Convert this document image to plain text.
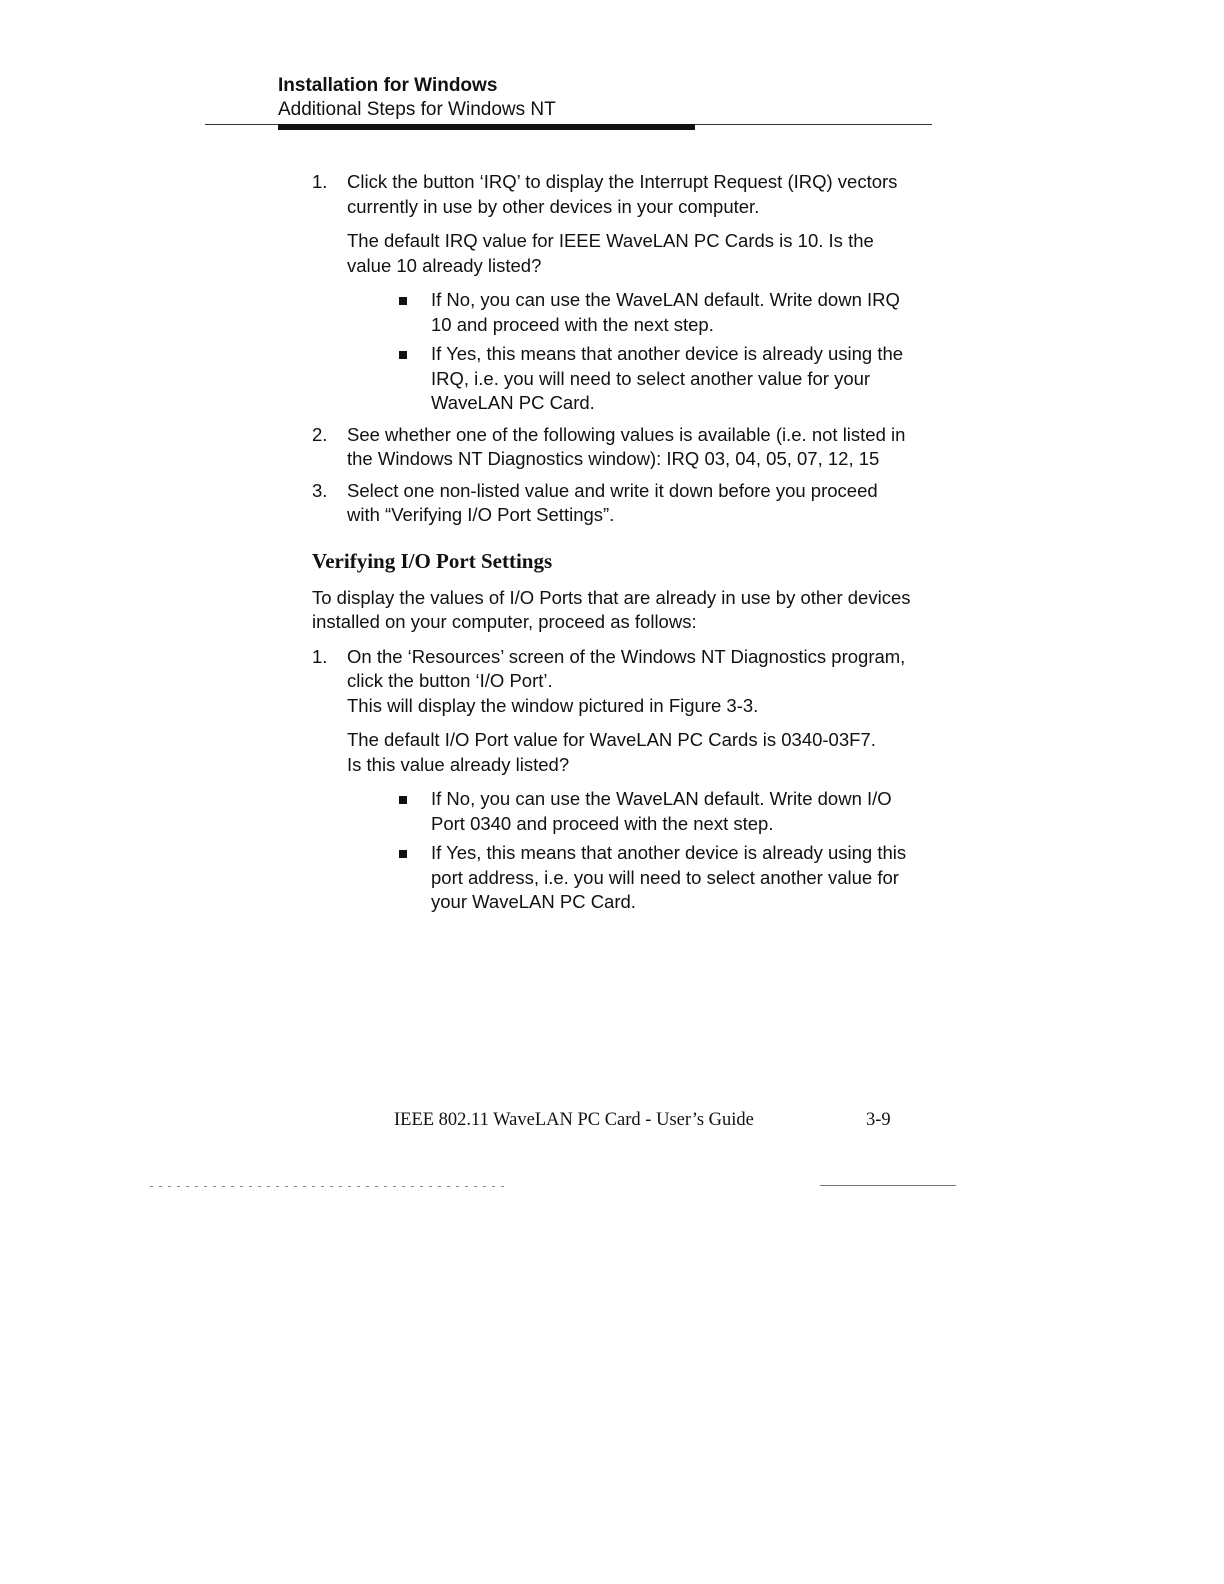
Installation for Windows
Additional Steps for Windows NT
1. Click the button ‘IRQ’ to display the Interrupt Request (IRQ) vectors currently in use by other devices in your computer.

The default IRQ value for IEEE WaveLAN PC Cards is 10. Is the value 10 already listed?

If No, you can use the WaveLAN default. Write down IRQ 10 and proceed with the next step.
If Yes, this means that another device is already using the IRQ, i.e. you will need to select another value for your WaveLAN PC Card.
2. See whether one of the following values is available (i.e. not listed in the Windows NT Diagnostics window): IRQ 03, 04, 05, 07, 12, 15
3. Select one non-listed value and write it down before you proceed with “Verifying I/O Port Settings”.
Verifying I/O Port Settings

To display the values of I/O Ports that are already in use by other devices installed on your computer, proceed as follows:

1. On the ‘Resources’ screen of the Windows NT Diagnostics program, click the button ‘I/O Port’.
This will display the window pictured in Figure 3-3.

The default I/O Port value for WaveLAN PC Cards is 0340-03F7.
Is this value already listed?

If No, you can use the WaveLAN default. Write down I/O Port 0340 and proceed with the next step.
If Yes, this means that another device is already using this port address, i.e. you will need to select another value for your WaveLAN PC Card.
IEEE 802.11 WaveLAN PC Card - User’s Guide	3-9
